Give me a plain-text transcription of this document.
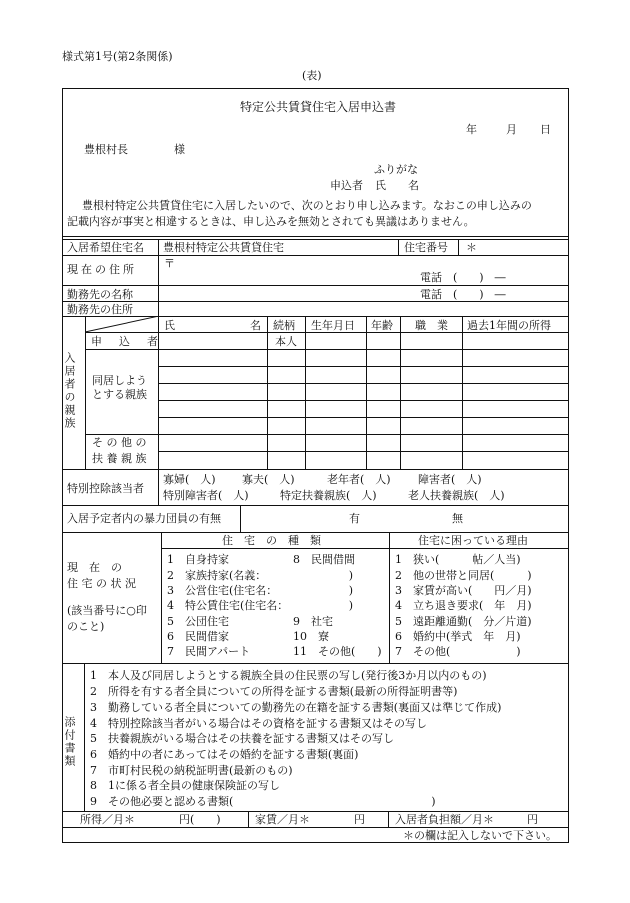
様式第1号(第2条関係)
(表)
特定公共賃貸住宅入居申込書
年	月 日
豊根村長	様
ふりがな
申込者 氏　　名
豊根村特定公共賃貸住宅に入居したいので、次のとおり申し込みます。なおこの申し込みの
記載内容が事実と相違するときは、申し込みを無効とされても異議はありません。
入居希望住宅名 豊根村特定公共賃貸住宅	住宅番号 ＊
現在の住所 〒
電話　(　　)　―
勤務先の名称	電話　(　　)　―
勤務先の住所
氏	名 続柄 生年月日 年齢 職　業 過去1年間の所得
入居者の親族
申　込　者	本人
同居しよう
とする親族
そ の 他 の
扶 養 親 族
特別控除該当者
寡婦(　人) 寡夫(　人)	老年者(　人) 障害者(　人)
特別障害者(　人)	特定扶養親族(　人)	老人扶養親族(　人)
入居予定者内の暴力団員の有無	有	無
住　宅　の　種　類	住宅に困っている理由
現　在　の
住 宅 の 状 況
(該当番号に○印
のこと)
1　自身持家
2　家族持家(名義：　　　　　　　　)
3　公営住宅(住宅名：　　　　　　　)
4　特公賃住宅(住宅名：　　　　　　)
5　公団住宅
6　民間借家
7　民間アパート
8　民間借間
9　社宅
10　寮
11　その他(　　)
1　狭い(　　　帖／人当)
2　他の世帯と同居(　　　)
3　家賃が高い(　　円／月)
4　立ち退き要求(　年　月)
5　遠距離通勤(　分／片道)
6　婚約中(挙式　年　月)
7　その他(　　　　　　)
添付書類
1　本人及び同居しようとする親族全員の住民票の写し(発行後3か月以内のもの)
2　所得を有する者全員についての所得を証する書類(最新の所得証明書等)
3　勤務している者全員についての勤務先の在籍を証する書類(裏面又は準じて作成)
4　特別控除該当者がいる場合はその資格を証する書類又はその写し
5　扶養親族がいる場合はその扶養を証する書類又はその写し
6　婚約中の者にあってはその婚約を証する書類(裏面)
7　市町村民税の納税証明書(最新のもの)
8　1に係る者全員の健康保険証の写し
9　その他必要と認める書類(　　　　　　　　　　　　　　　　　　)
所得／月＊　　　　円(　　)	家賃／月＊　　　　円	入居者負担額／月＊　　　円
＊の欄は記入しないで下さい。
